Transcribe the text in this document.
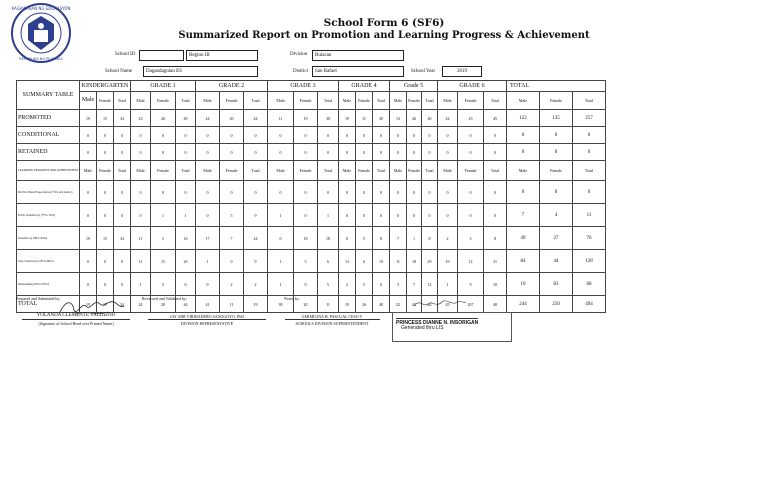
KAGAWARAN NG EDUKASYON
REPUBLIKA NG PILIPINAS
School Form 6 (SF6)
Summarized Report on Promotion and Learning Progress & Achievement
School ID	Region III	Division	Bulacan
School Name	Dagandagolan ES	District	San Rafael	School Year	2019
SUMMARY TABLE	KINDERGARTEN			GRADE 1			GRADE 2			GRADE 3			GRADE 4			Grade 5			GRADE 6			TOTAL		
	Male	Female	Total	Male	Female	Total	Male	Female	Total	Male	Female	Total	Male	Female	Total	Male	Female	Total	Male	Female	Total	Male	Female	Total
PROMOTED	19	15	34	23	26	49	24	20	44	11	19	30	19	11	30	13	26	40	22	23	45	122	135	257
CONDITIONAL	0	0	0	0	0	0	0	0	0	0	0	0	0	0	0	0	0	0	0	0	0	0	0	0
RETAINED	0	0	0	0	0	0	0	0	0	0	0	0	0	0	0	0	0	0	0	0	0	0	0	0
LEARNING PROGRESS AND ACHIEVEMENT	Male	Female	Total	Male	Female	Total	Male	Female	Total	Male	Female	Total	Male	Female	Total	Male	Female	Total	Male	Female	Total	Male	Female	Total
Did Not Meet Expectations (74% and below)	0	0	0	0	0	0	0	0	0	0	0	0	0	0	0	0	0	0	0	0	0	0	0	0
Fairly Satisfactory (75%-79%)	0	0	0	0	1	1	0	5	9	1	0	1	0	0	0	0	0	0	0	0	0	7	4	11
Satisfactory (80%-84%)	19	15	34	11	5	16	17	7	24	0	18	18	0	5	8	7	1	8	2	3	8	49	27	76
Very Satisfactory (85%-89%)	0	0	0	11	15	26	1	0	9	1	5	6	13	6	19	11	18	29	19	12	31	84	44	128
Outstanding (90%-100%)	0	0	0	1	5	6	0	2	2	1	0	5	2	5	0	3	7	12	1	9	10	10	83	68
TOTAL	19	15	34	24	28	44	41	11	19	38	20	11	19	26	48	22	42	44	45	207	48	244	250	494
Prepared and Submitted by:	Reviewed and Validated by:	Noted by:
YOLANDA CLEMENTE VALDIZNO
(Signature of School Head over Printed Name)
JAY ARR VIRIDADERO SANGGOYO, PhD
DIVISION REPRESENTATIVE
GERMILINA H. PASCUAL CESO V
SCHOOLS DIVISION SUPERINTENDENT	PRINCESS DIANNE N. INSORIGAN
Generated thru LIS
